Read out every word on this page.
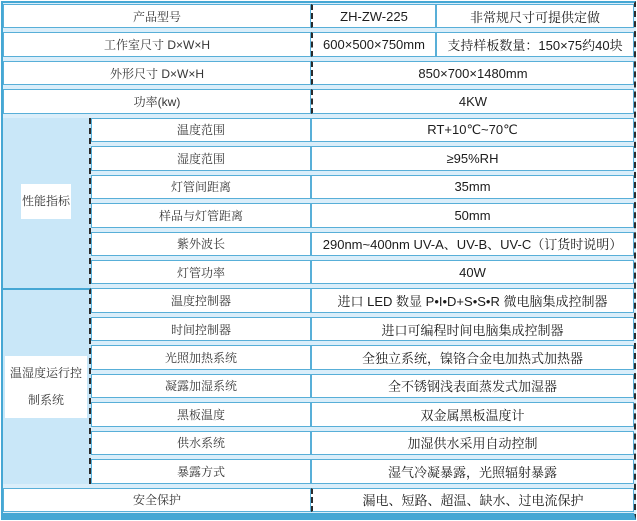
产品型号	ZH-ZW-225	非常规尺寸可提供定做
工作室尺寸 D×W×H	600×500×750mm	支持样板数量：150×75约40块
外形尺寸 D×W×H	850×700×1480mm
功率(kw)	4KW
性能指标
温度范围	RT+10℃~70℃
湿度范围	≥95%RH
灯管间距离	35mm
样品与灯管距离	50mm
紫外波长	290nm~400nm UV-A、UV-B、UV-C（订货时说明）
灯管功率	40W
温湿度运行控制系统
温度控制器	进口 LED 数显 P•I•D+S•S•R 微电脑集成控制器
时间控制器	进口可编程时间电脑集成控制器
光照加热系统	全独立系统，镍铬合金电加热式加热器
凝露加湿系统	全不锈钢浅表面蒸发式加湿器
黑板温度	双金属黑板温度计
供水系统	加湿供水采用自动控制
暴露方式	湿气冷凝暴露，光照辐射暴露
安全保护	漏电、短路、超温、缺水、过电流保护
